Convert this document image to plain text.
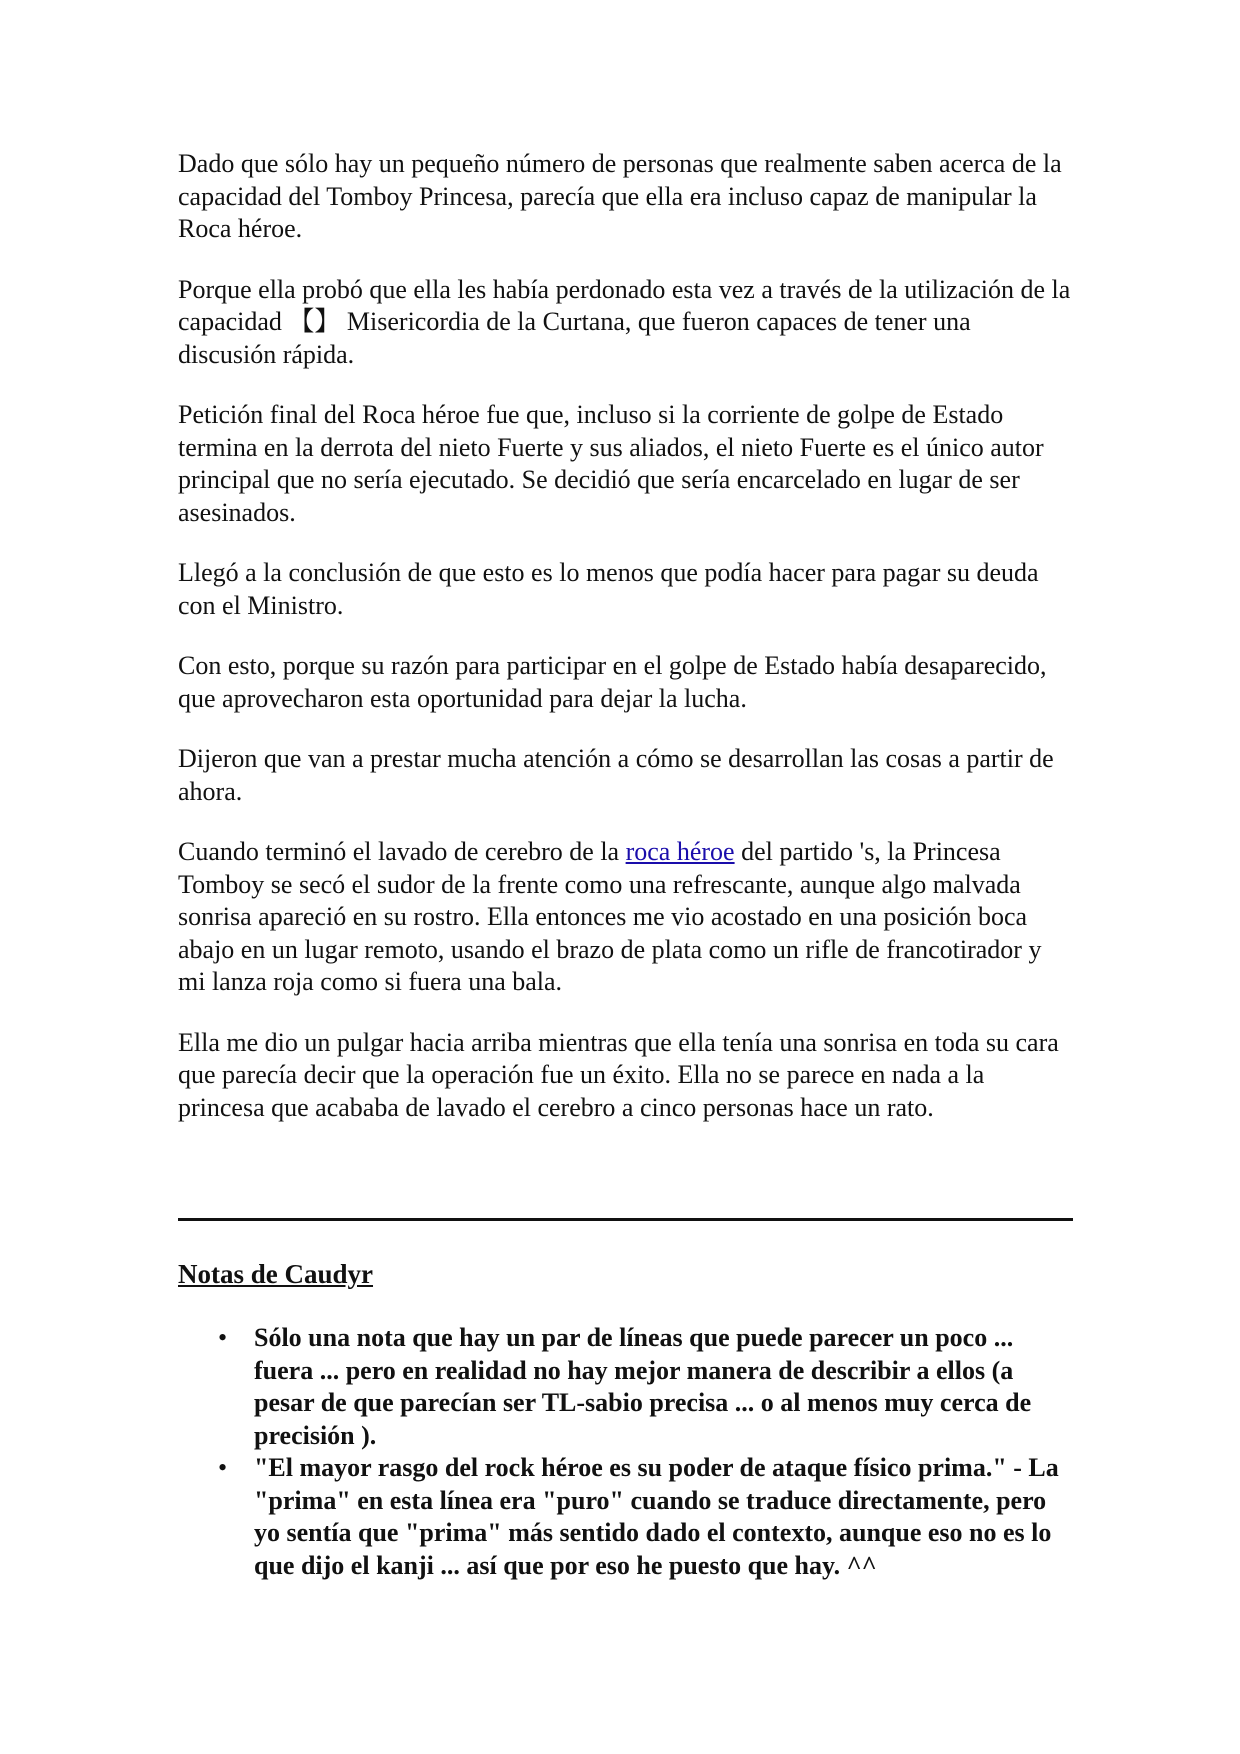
Dado que sólo hay un pequeño número de personas que realmente saben acerca de la capacidad del Tomboy Princesa, parecía que ella era incluso capaz de manipular la Roca héroe.

Porque ella probó que ella les había perdonado esta vez a través de la utilización de la capacidad 【】 Misericordia de la Curtana, que fueron capaces de tener una discusión rápida.

Petición final del Roca héroe fue que, incluso si la corriente de golpe de Estado termina en la derrota del nieto Fuerte y sus aliados, el nieto Fuerte es el único autor principal que no sería ejecutado. Se decidió que sería encarcelado en lugar de ser asesinados.

Llegó a la conclusión de que esto es lo menos que podía hacer para pagar su deuda con el Ministro.

Con esto, porque su razón para participar en el golpe de Estado había desaparecido, que aprovecharon esta oportunidad para dejar la lucha.

Dijeron que van a prestar mucha atención a cómo se desarrollan las cosas a partir de ahora.

Cuando terminó el lavado de cerebro de la roca héroe del partido 's, la Princesa Tomboy se secó el sudor de la frente como una refrescante, aunque algo malvada sonrisa apareció en su rostro. Ella entonces me vio acostado en una posición boca abajo en un lugar remoto, usando el brazo de plata como un rifle de francotirador y mi lanza roja como si fuera una bala.

Ella me dio un pulgar hacia arriba mientras que ella tenía una sonrisa en toda su cara que parecía decir que la operación fue un éxito. Ella no se parece en nada a la princesa que acababa de lavado el cerebro a cinco personas hace un rato.

Notas de Caudyr
• Sólo una nota que hay un par de líneas que puede parecer un poco ... fuera ... pero en realidad no hay mejor manera de describir a ellos (a pesar de que parecían ser TL-sabio precisa ... o al menos muy cerca de precisión ).
• "El mayor rasgo del rock héroe es su poder de ataque físico prima." - La "prima" en esta línea era "puro" cuando se traduce directamente, pero yo sentía que "prima" más sentido dado el contexto, aunque eso no es lo que dijo el kanji ... así que por eso he puesto que hay. ^^
